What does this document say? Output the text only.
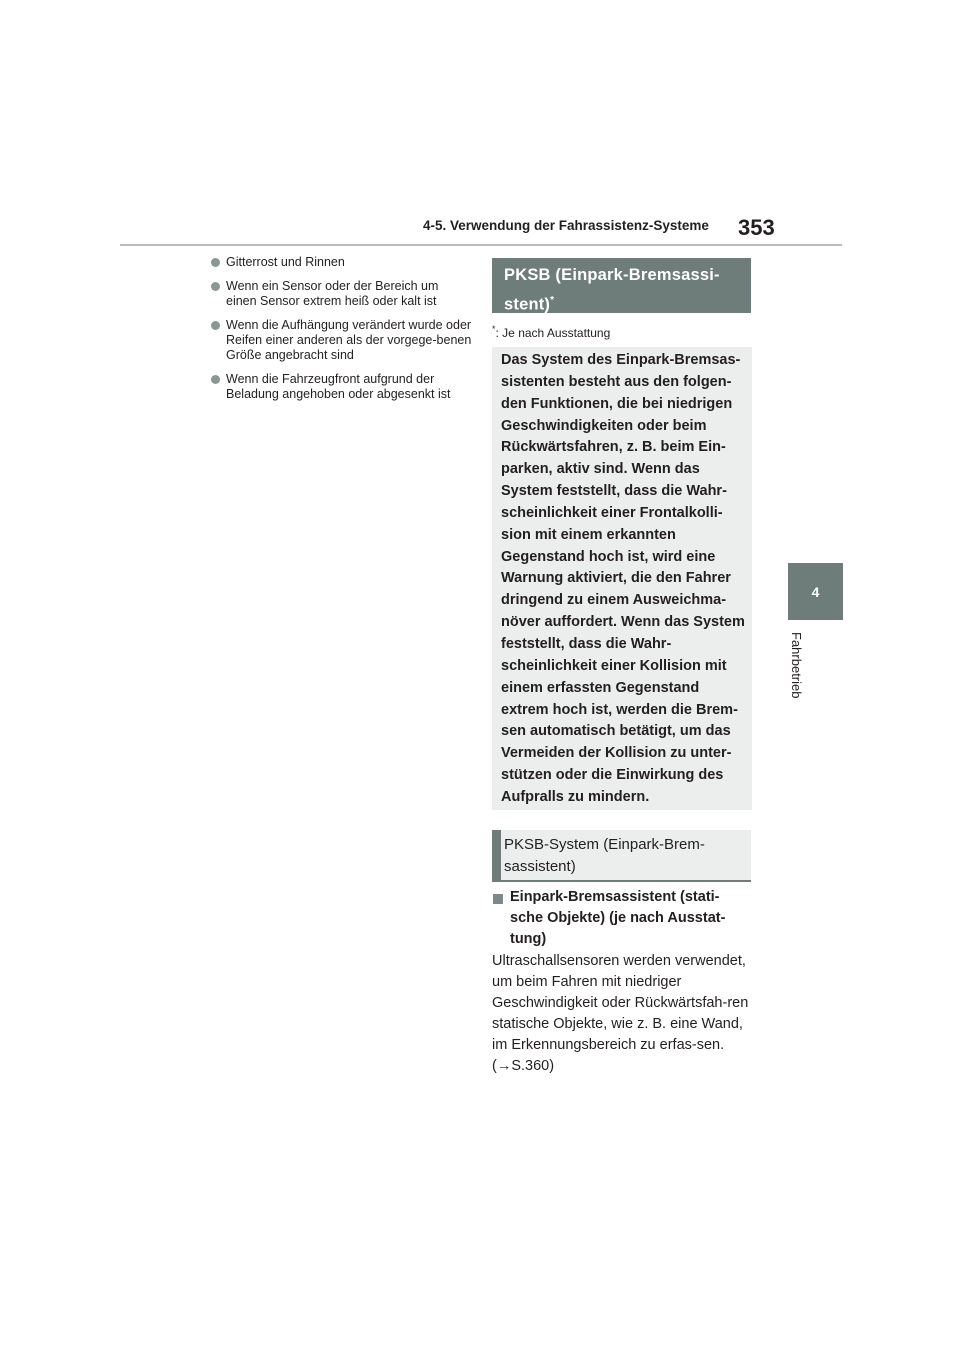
4-5. Verwendung der Fahrassistenz-Systeme 353
4
Fahrbetrieb
Gitterrost und Rinnen
Wenn ein Sensor oder der Bereich um einen Sensor extrem heiß oder kalt ist
Wenn die Aufhängung verändert wurde oder Reifen einer anderen als der vorgege-benen Größe angebracht sind
Wenn die Fahrzeugfront aufgrund der Beladung angehoben oder abgesenkt ist
PKSB (Einpark-Bremsassi-stent)*
*: Je nach Ausstattung

Das System des Einpark-Bremsas-sistenten besteht aus den folgen-den Funktionen, die bei niedrigen Geschwindigkeiten oder beim Rückwärtsfahren, z. B. beim Ein-parken, aktiv sind. Wenn das System feststellt, dass die Wahr-scheinlichkeit einer Frontalkolli-sion mit einem erkannten Gegenstand hoch ist, wird eine Warnung aktiviert, die den Fahrer dringend zu einem Ausweichma-növer auffordert. Wenn das System feststellt, dass die Wahr-scheinlichkeit einer Kollision mit einem erfassten Gegenstand extrem hoch ist, werden die Brem-sen automatisch betätigt, um das Vermeiden der Kollision zu unter-stützen oder die Einwirkung des Aufpralls zu mindern.

PKSB-System (Einpark-Brem-sassistent)
Einpark-Bremsassistent (stati-sche Objekte) (je nach Ausstat-tung)
Ultraschallsensoren werden verwendet, um beim Fahren mit niedriger Geschwindigkeit oder Rückwärtsfah-ren statische Objekte, wie z. B. eine Wand, im Erkennungsbereich zu erfas-sen. (→S.360)
